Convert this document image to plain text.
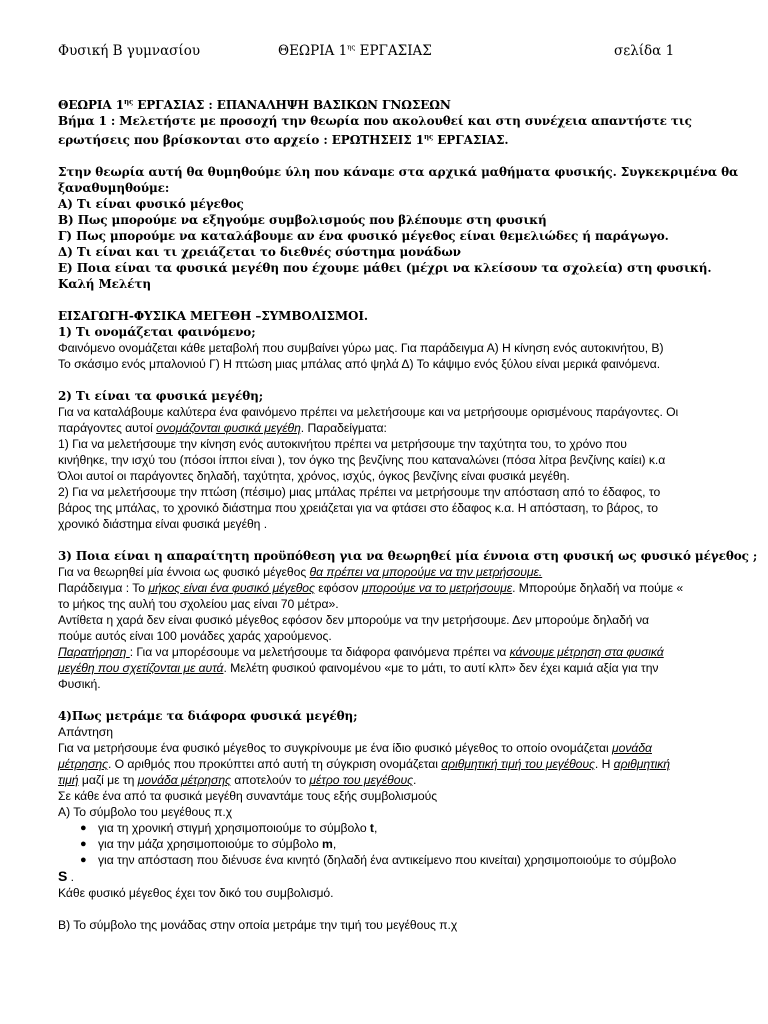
Φυσική Β γυμνασίου	ΘΕΩΡΙΑ $1^{\eta\varsigma}$ ΕΡΓΑΣΙΑΣ	σελίδα 1
ΘΕΩΡΙΑ $1^{\eta\varsigma}$ ΕΡΓΑΣΙΑΣ : ΕΠΑΝΑΛΗΨΗ ΒΑΣΙΚΩΝ ΓΝΩΣΕΩΝ
Βήμα 1 : Μελετήστε με προσοχή την θεωρία που ακολουθεί και στη συνέχεια απαντήστε τις
ερωτήσεις που βρίσκονται στο αρχείο : ΕΡΩΤΗΣΕΙΣ $1^{\eta\varsigma}$ ΕΡΓΑΣΙΑΣ.
Στην θεωρία αυτή θα θυμηθούμε ύλη που κάναμε στα αρχικά μαθήματα φυσικής. Συγκεκριμένα θα
ξαναθυμηθούμε:
Α) Τι είναι φυσικό μέγεθος
Β) Πως μπορούμε να εξηγούμε συμβολισμούς που βλέπουμε στη φυσική
Γ) Πως μπορούμε να καταλάβουμε αν ένα φυσικό μέγεθος είναι θεμελιώδες ή παράγωγο.
Δ) Τι είναι και τι χρειάζεται το διεθνές σύστημα μονάδων
Ε) Ποια είναι τα φυσικά μεγέθη που έχουμε μάθει (μέχρι να κλείσουν τα σχολεία) στη φυσική.
Καλή Μελέτη
ΕΙΣΑΓΩΓΗ-ΦΥΣΙΚΑ ΜΕΓΕΘΗ –ΣΥΜΒΟΛΙΣΜΟΙ.
1) Τι ονομάζεται φαινόμενο;
Φαινόμενο ονομάζεται κάθε μεταβολή που συμβαίνει γύρω μας. Για παράδειγμα Α) Η κίνηση ενός αυτοκινήτου, Β)
Το σκάσιμο ενός μπαλονιού Γ) Η πτώση μιας μπάλας από ψηλά Δ) Το κάψιμο ενός ξύλου είναι μερικά φαινόμενα.
2) Τι είναι τα φυσικά μεγέθη;
Για να καταλάβουμε καλύτερα ένα φαινόμενο πρέπει να μελετήσουμε και να μετρήσουμε ορισμένους παράγοντες. Οι
παράγοντες αυτοί ονομάζονται φυσικά μεγέθη. Παραδείγματα:
1) Για να μελετήσουμε την κίνηση ενός αυτοκινήτου πρέπει να μετρήσουμε την ταχύτητα του, το χρόνο που
κινήθηκε, την ισχύ του (πόσοι ίπποι είναι ), τον όγκο της βενζίνης που καταναλώνει (πόσα λίτρα βενζίνης καίει) κ.α
Όλοι αυτοί οι παράγοντες δηλαδή, ταχύτητα, χρόνος, ισχύς, όγκος βενζίνης είναι φυσικά μεγέθη.
2) Για να μελετήσουμε την πτώση (πέσιμο) μιας μπάλας πρέπει να μετρήσουμε την απόσταση από το έδαφος, το
βάρος της μπάλας, το χρονικό διάστημα που χρειάζεται για να φτάσει στο έδαφος κ.α. Η απόσταση, το βάρος, το
χρονικό διάστημα είναι φυσικά μεγέθη .
3) Ποια είναι η απαραίτητη προϋπόθεση για να θεωρηθεί μία έννοια στη φυσική ως φυσικό μέγεθος ;
Για να θεωρηθεί μία έννοια ως φυσικό μέγεθος θα πρέπει να μπορούμε να την μετρήσουμε.
Παράδειγμα : Το μήκος είναι ένα φυσικό μέγεθος εφόσον μπορούμε να το μετρήσουμε. Μπορούμε δηλαδή να πούμε «
το μήκος της αυλή του σχολείου μας είναι 70 μέτρα».
Αντίθετα η χαρά δεν είναι φυσικό μέγεθος εφόσον δεν μπορούμε να την μετρήσουμε. Δεν μπορούμε δηλαδή να
πούμε αυτός είναι 100 μονάδες χαράς χαρούμενος.
Παρατήρηση : Για να μπορέσουμε να μελετήσουμε τα διάφορα φαινόμενα πρέπει να κάνουμε μέτρηση στα φυσικά
μεγέθη που σχετίζονται με αυτά. Μελέτη φυσικού φαινομένου «με το μάτι, το αυτί κλπ» δεν έχει καμιά αξία για την
Φυσική.
4)Πως μετράμε τα διάφορα φυσικά μεγέθη;
Απάντηση
Για να μετρήσουμε ένα φυσικό μέγεθος το συγκρίνουμε με ένα ίδιο φυσικό μέγεθος το οποίο ονομάζεται μονάδα
μέτρησης. Ο αριθμός που προκύπτει από αυτή τη σύγκριση ονομάζεται αριθμητική τιμή του μεγέθους. Η αριθμητική
τιμή μαζί με τη μονάδα μέτρησης αποτελούν το μέτρο του μεγέθους.
Σε κάθε ένα από τα φυσικά μεγέθη συναντάμε τους εξής συμβολισμούς
Α) Το σύμβολο του μεγέθους π.χ
● για τη χρονική στιγμή χρησιμοποιούμε το σύμβολο t,
● για την μάζα χρησιμοποιούμε το σύμβολο m,
● για την απόσταση που διένυσε ένα κινητό (δηλαδή ένα αντικείμενο που κινείται) χρησιμοποιούμε το σύμβολο
S .
Κάθε φυσικό μέγεθος έχει τον δικό του συμβολισμό.
Β) Το σύμβολο της μονάδας στην οποία μετράμε την τιμή του μεγέθους π.χ
